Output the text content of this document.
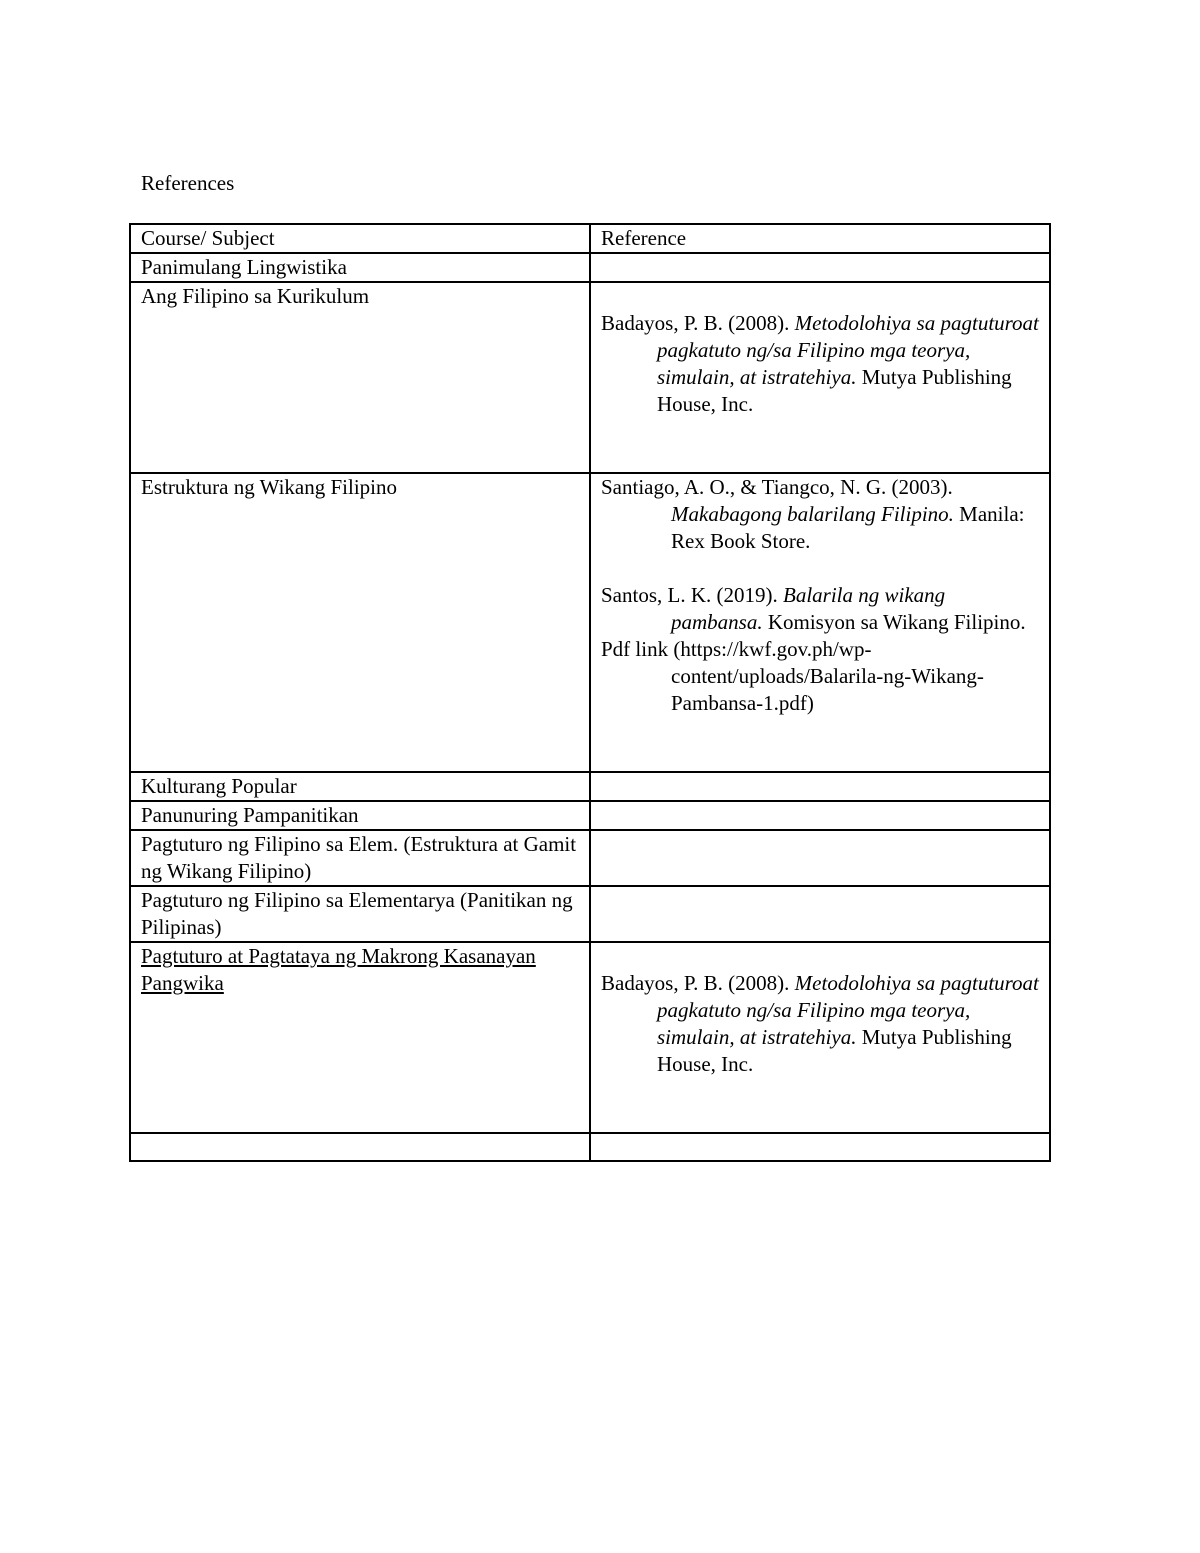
References
Course/ Subject	Reference
Panimulang Lingwistika	
Ang Filipino sa Kurikulum	Badayos, P. B. (2008). Metodolohiya sa pagtuturoat pagkatuto ng/sa Filipino mga teorya, simulain, at istratehiya. Mutya Publishing House, Inc.

Estruktura ng Wikang Filipino	Santiago, A. O., & Tiangco, N. G. (2003). Makabagong balarilang Filipino. Manila: Rex Book Store.
Santos, L. K. (2019). Balarila ng wikang pambansa. Komisyon sa Wikang Filipino.
Pdf link (https://kwf.gov.ph/wp-content/uploads/Balarila-ng-Wikang-Pambansa-1.pdf)

Kulturang Popular	
Panunuring Pampanitikan	
Pagtuturo ng Filipino sa Elem. (Estruktura at Gamit ng Wikang Filipino)	
Pagtuturo ng Filipino sa Elementarya (Panitikan ng Pilipinas)	
Pagtuturo at Pagtataya ng Makrong Kasanayan Pangwika	Badayos, P. B. (2008). Metodolohiya sa pagtuturoat pagkatuto ng/sa Filipino mga teorya, simulain, at istratehiya. Mutya Publishing House, Inc.
